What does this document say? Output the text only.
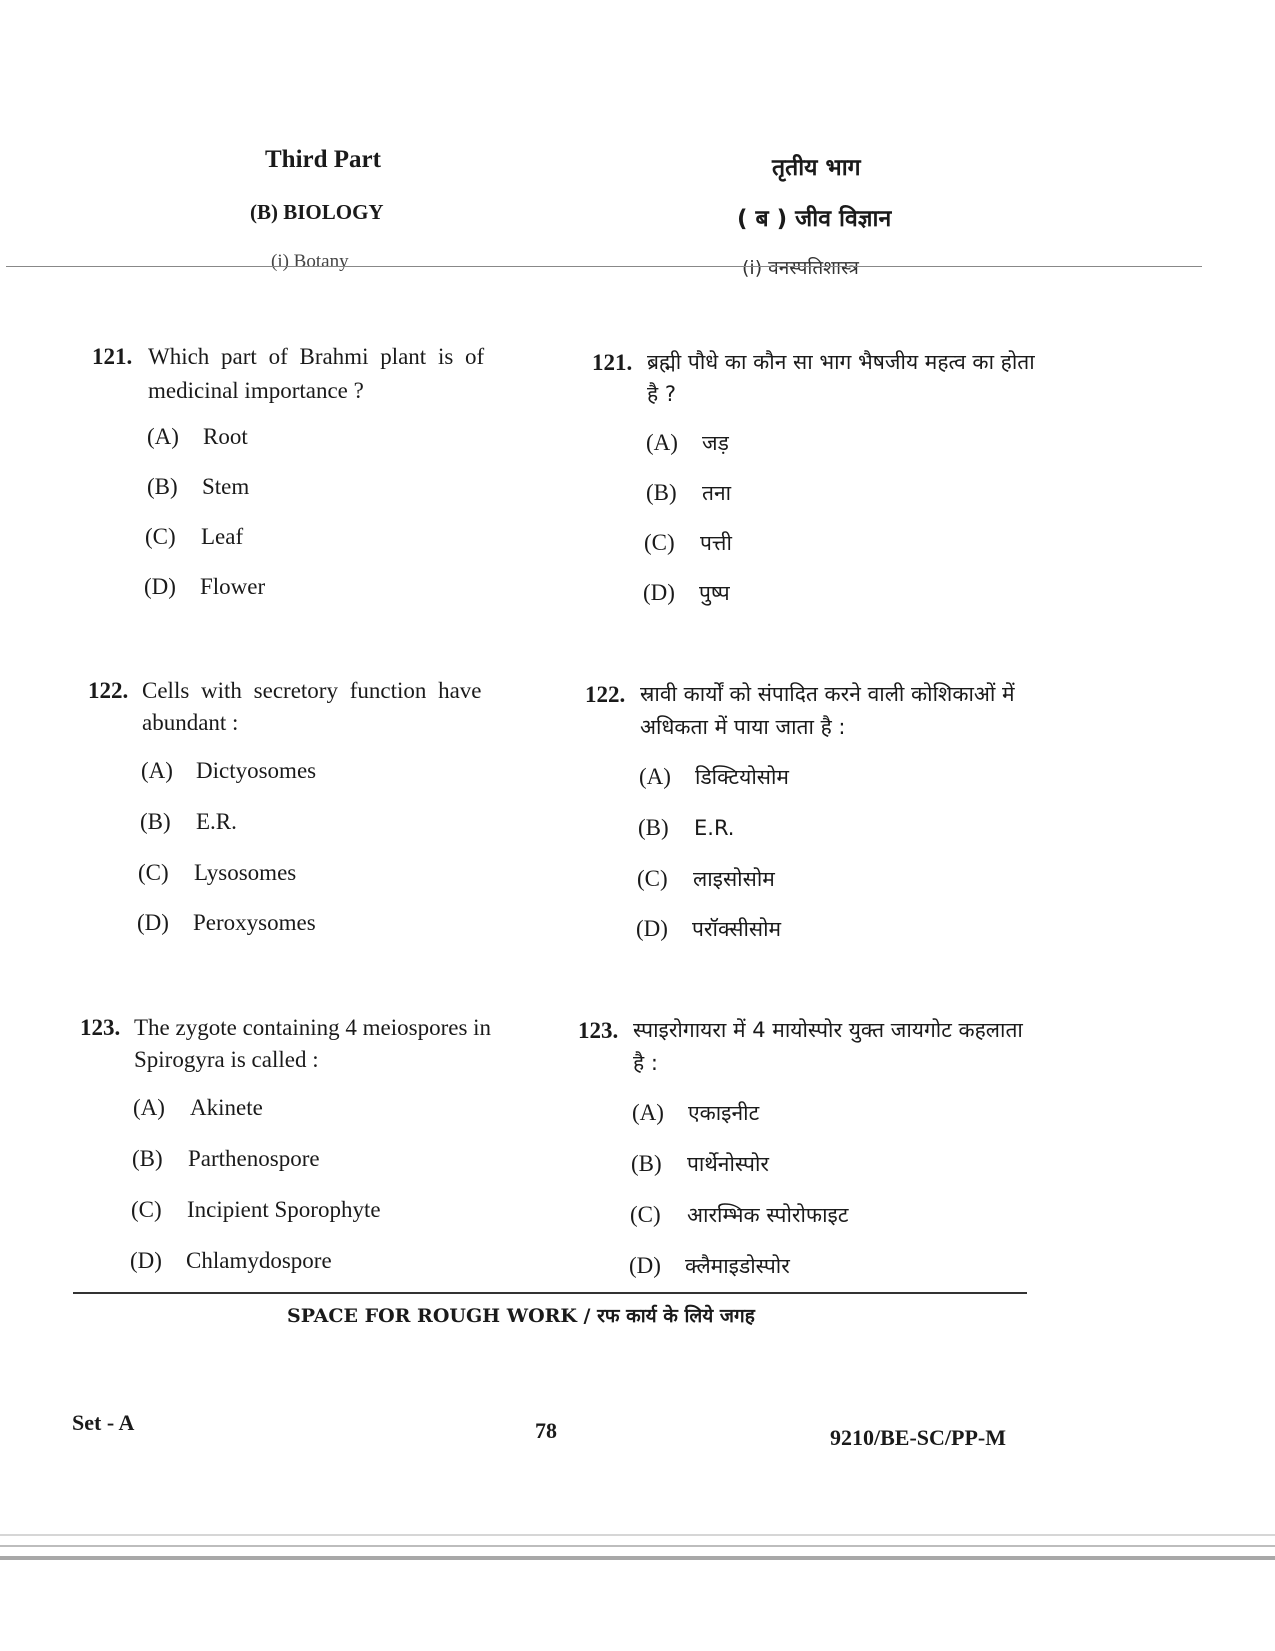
Third Part
(B) BIOLOGY
(i) Botany
तृतीय भाग
( ब ) जीव विज्ञान
(i) वनस्पतिशास्त्र
121. Which part of Brahmi plant is of
medicinal importance ?
(A) Root
(B) Stem
(C) Leaf
(D) Flower
121. ब्रह्मी पौधे का कौन सा भाग भैषजीय महत्व का होता
है ?
(A) जड़
(B) तना
(C) पत्ती
(D) पुष्प
122. Cells with secretory function have
abundant :
(A) Dictyosomes
(B) E.R.
(C) Lysosomes
(D) Peroxysomes
122. स्रावी कार्यों को संपादित करने वाली कोशिकाओं में
अधिकता में पाया जाता है :
(A) डिक्टियोसोम
(B) E.R.
(C) लाइसोसोम
(D) परॉक्सीसोम
123. The zygote containing 4 meiospores in
Spirogyra is called :
(A) Akinete
(B) Parthenospore
(C) Incipient Sporophyte
(D) Chlamydospore
123. स्पाइरोगायरा में 4 मायोस्पोर युक्त जायगोट कहलाता
है :
(A) एकाइनीट
(B) पार्थेनोस्पोर
(C) आरम्भिक स्पोरोफाइट
(D) क्लैमाइडोस्पोर
SPACE FOR ROUGH WORK / रफ कार्य के लिये जगह
Set - A	78	9210/BE-SC/PP-M
